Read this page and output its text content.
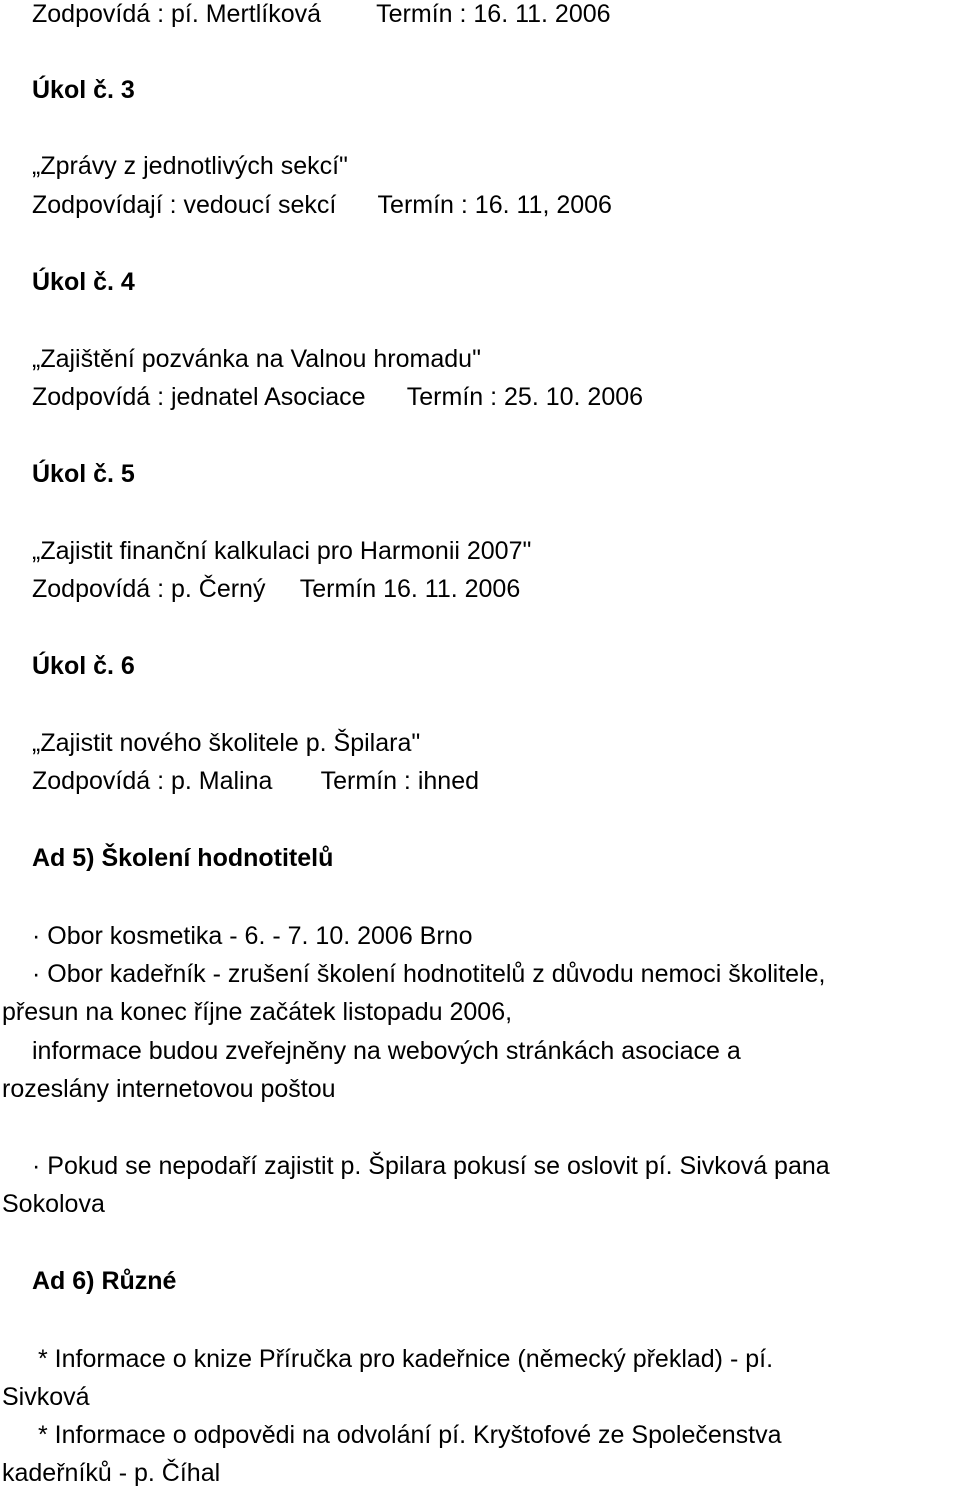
Zodpovídá : pí. Mertlíková        Termín : 16. 11. 2006
Úkol č. 3
„Zprávy z jednotlivých sekcí"
Zodpovídají : vedoucí sekcí      Termín : 16. 11, 2006
Úkol č. 4
„Zajištění pozvánka na Valnou hromadu"
Zodpovídá : jednatel Asociace      Termín : 25. 10. 2006
Úkol č. 5
„Zajistit finanční kalkulaci pro Harmonii 2007"
Zodpovídá : p. Černý     Termín 16. 11. 2006
Úkol č. 6
„Zajistit nového školitele p. Špilara"
Zodpovídá : p. Malina       Termín : ihned
Ad 5) Školení hodnotitelů
· Obor kosmetika - 6. - 7. 10. 2006 Brno
· Obor kadeřník - zrušení školení hodnotitelů z důvodu nemoci školitele,
přesun na konec říjne začátek listopadu 2006,
informace budou zveřejněny na webových stránkách asociace a
rozeslány internetovou poštou
· Pokud se nepodaří zajistit p. Špilara pokusí se oslovit pí. Sivková pana
Sokolova
Ad 6) Různé
* Informace o knize Příručka pro kadeřnice (německý překlad) - pí.
Sivková
* Informace o odpovědi na odvolání pí. Kryštofové ze Společenstva
kadeřníků - p. Číhal
